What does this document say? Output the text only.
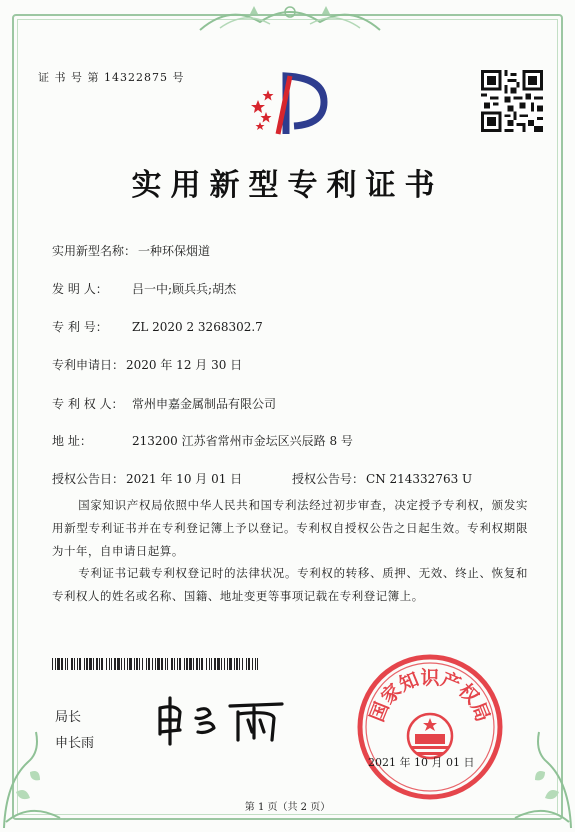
证 书 号 第 14322875 号
实用新型专利证书
实用新型名称： 一种环保烟道
发 明 人： 吕一中;顾兵兵;胡杰
专 利 号： ZL 2020 2 3268302.7
专利申请日： 2020 年 12 月 30 日
专 利 权 人： 常州申嘉金属制品有限公司
地 址：	213200 江苏省常州市金坛区兴辰路 8 号
授权公告日： 2021 年 10 月 01 日	授权公告号： CN 214332763 U

国家知识产权局依照中华人民共和国专利法经过初步审查，决定授予专利权，颁发实用新型专利证书并在专利登记簿上予以登记。专利权自授权公告之日起生效。专利权期限为十年，自申请日起算。

专利证书记载专利权登记时的法律状况。专利权的转移、质押、无效、终止、恢复和专利权人的姓名或名称、国籍、地址变更等事项记载在专利登记簿上。

局长
申长雨
国家知识产权局
2021 年 10 月 01 日
第 1 页（共 2 页）
